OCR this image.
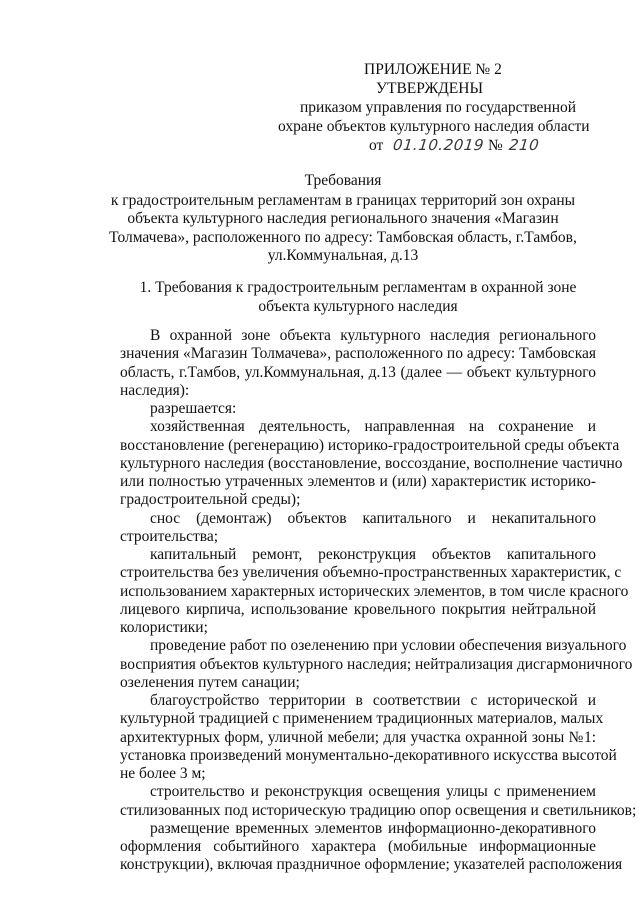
ПРИЛОЖЕНИЕ № 2
УТВЕРЖДЕНЫ
приказом управления по государственной
охране объектов культурного наследия области
от 01.10.2019 № 210
Требования
к градостроительным регламентам в границах территорий зон охраны
объекта культурного наследия регионального значения «Магазин
Толмачева», расположенного по адресу: Тамбовская область, г.Тамбов,
ул.Коммунальная, д.13
1. Требования к градостроительным регламентам в охранной зоне
объекта культурного наследия
В охранной зоне объекта культурного наследия регионального
значения «Магазин Толмачева», расположенного по адресу: Тамбовская
область, г.Тамбов, ул.Коммунальная, д.13 (далее — объект культурного
наследия):
разрешается:
хозяйственная деятельность, направленная на сохранение и
восстановление (регенерацию) историко-градостроительной среды объекта
культурного наследия (восстановление, воссоздание, восполнение частично
или полностью утраченных элементов и (или) характеристик историко-
градостроительной среды);
снос (демонтаж) объектов капитального и некапитального
строительства;
капитальный ремонт, реконструкция объектов капитального
строительства без увеличения объемно-пространственных характеристик, с
использованием характерных исторических элементов, в том числе красного
лицевого кирпича, использование кровельного покрытия нейтральной
колористики;
проведение работ по озеленению при условии обеспечения визуального
восприятия объектов культурного наследия; нейтрализация дисгармоничного
озеленения путем санации;
благоустройство территории в соответствии с исторической и
культурной традицией с применением традиционных материалов, малых
архитектурных форм, уличной мебели; для участка охранной зоны №1:
установка произведений монументально-декоративного искусства высотой
не более 3 м;
строительство и реконструкция освещения улицы с применением
стилизованных под историческую традицию опор освещения и светильников;
размещение временных элементов информационно-декоративного
оформления событийного характера (мобильные информационные
конструкции), включая праздничное оформление; указателей расположения
